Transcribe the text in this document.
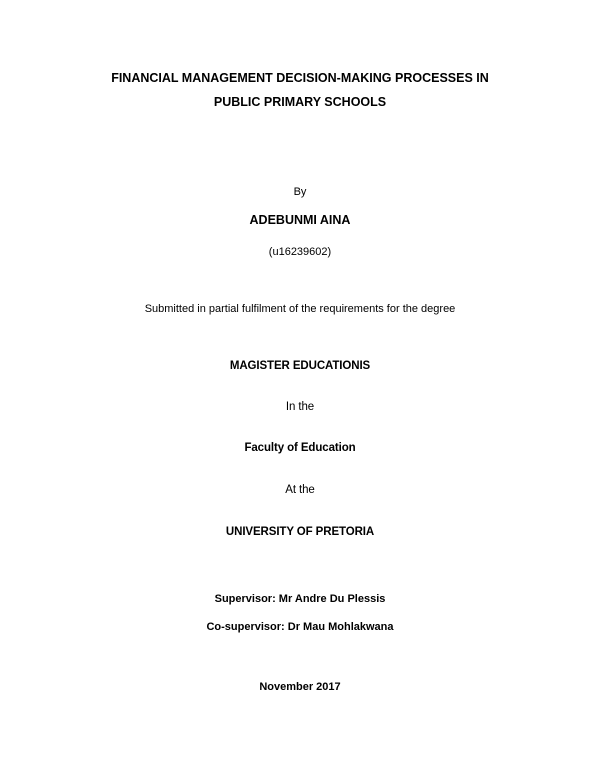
FINANCIAL MANAGEMENT DECISION-MAKING PROCESSES IN
PUBLIC PRIMARY SCHOOLS
By
ADEBUNMI AINA
(u16239602)
Submitted in partial fulfilment of the requirements for the degree
MAGISTER EDUCATIONIS
In the
Faculty of Education
At the
UNIVERSITY OF PRETORIA
Supervisor: Mr Andre Du Plessis
Co-supervisor: Dr Mau Mohlakwana
November 2017
